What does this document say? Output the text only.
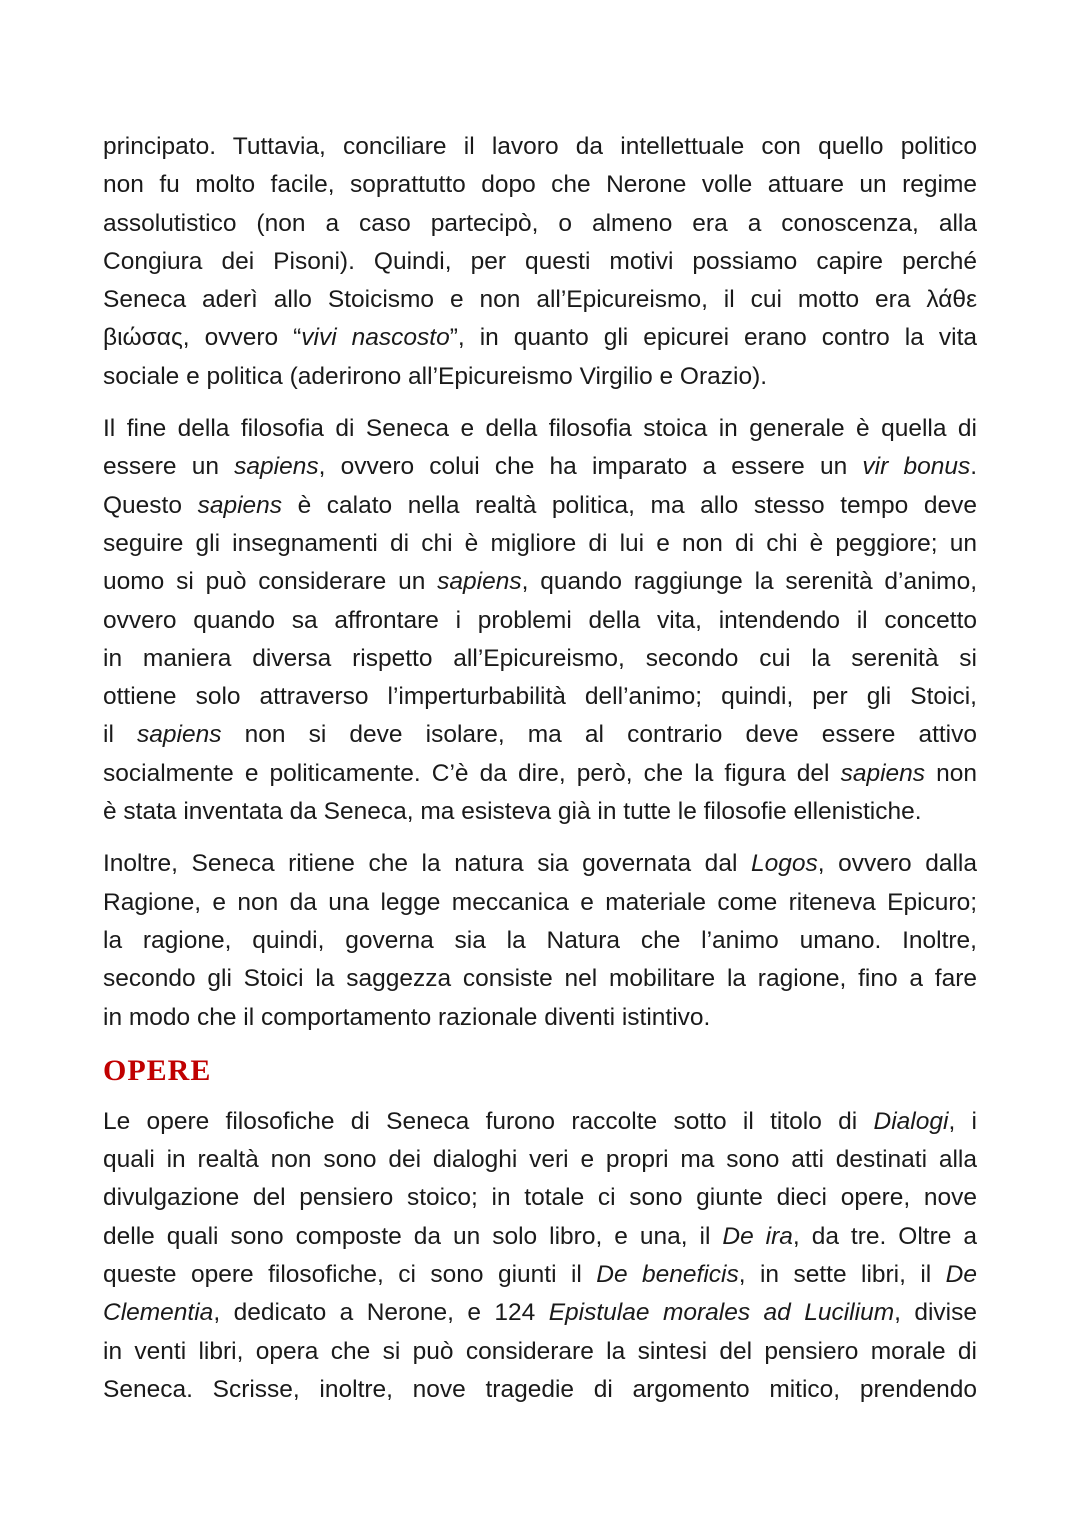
principato. Tuttavia, conciliare il lavoro da intellettuale con quello politico
non fu molto facile, soprattutto dopo che Nerone volle attuare un regime
assolutistico (non a caso partecipò, o almeno era a conoscenza, alla
Congiura dei Pisoni). Quindi, per questi motivi possiamo capire perché
Seneca aderì allo Stoicismo e non all’Epicureismo, il cui motto era λάθε
βιώσας, ovvero “vivi nascosto”, in quanto gli epicurei erano contro la vita
sociale e politica (aderirono all’Epicureismo Virgilio e Orazio).
Il fine della filosofia di Seneca e della filosofia stoica in generale è quella di
essere un sapiens, ovvero colui che ha imparato a essere un vir bonus.
Questo sapiens è calato nella realtà politica, ma allo stesso tempo deve
seguire gli insegnamenti di chi è migliore di lui e non di chi è peggiore; un
uomo si può considerare un sapiens, quando raggiunge la serenità d’animo,
ovvero quando sa affrontare i problemi della vita, intendendo il concetto
in maniera diversa rispetto all’Epicureismo, secondo cui la serenità si
ottiene solo attraverso l’imperturbabilità dell’animo; quindi, per gli Stoici,
il sapiens non si deve isolare, ma al contrario deve essere attivo
socialmente e politicamente. C’è da dire, però, che la figura del sapiens non
è stata inventata da Seneca, ma esisteva già in tutte le filosofie ellenistiche.
Inoltre, Seneca ritiene che la natura sia governata dal Logos, ovvero dalla
Ragione, e non da una legge meccanica e materiale come riteneva Epicuro;
la ragione, quindi, governa sia la Natura che l’animo umano. Inoltre,
secondo gli Stoici la saggezza consiste nel mobilitare la ragione, fino a fare
in modo che il comportamento razionale diventi istintivo.
OPERE
Le opere filosofiche di Seneca furono raccolte sotto il titolo di Dialogi, i
quali in realtà non sono dei dialoghi veri e propri ma sono atti destinati alla
divulgazione del pensiero stoico; in totale ci sono giunte dieci opere, nove
delle quali sono composte da un solo libro, e una, il De ira, da tre. Oltre a
queste opere filosofiche, ci sono giunti il De beneficis, in sette libri, il De
Clementia, dedicato a Nerone, e 124 Epistulae morales ad Lucilium, divise
in venti libri, opera che si può considerare la sintesi del pensiero morale di
Seneca. Scrisse, inoltre, nove tragedie di argomento mitico, prendendo
